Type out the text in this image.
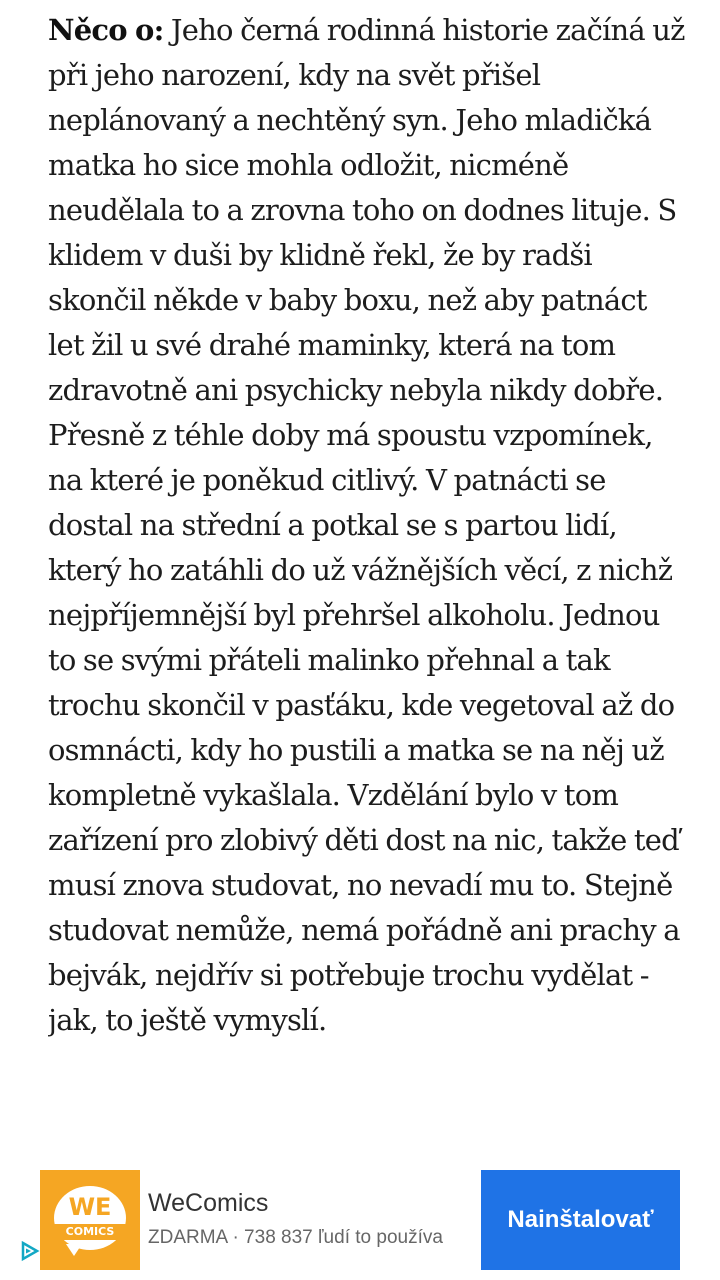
Něco o: Jeho černá rodinná historie začíná už při jeho narození, kdy na svět přišel neplánovaný a nechtěný syn. Jeho mladičká matka ho sice mohla odložit, nicméně neudělala to a zrovna toho on dodnes lituje. S klidem v duši by klidně řekl, že by radši skončil někde v baby boxu, než aby patnáct let žil u své drahé maminky, která na tom zdravotně ani psychicky nebyla nikdy dobře. Přesně z téhle doby má spoustu vzpomínek, na které je poněkud citlivý. V patnácti se dostal na střední a potkal se s partou lidí, který ho zatáhli do už vážnějších věcí, z nichž nejpříjemnější byl přehršel alkoholu. Jednou to se svými přáteli malinko přehnal a tak trochu skončil v pasťáku, kde vegetoval až do osmnácti, kdy ho pustili a matka se na něj už kompletně vykašlala. Vzdělání bylo v tom zařízení pro zlobivý děti dost na nic, takže teď musí znova studovat, no nevadí mu to. Stejně studovat nemůže, nemá pořádně ani prachy a bejvák, nejdřív si potřebuje trochu vydělat - jak, to ještě vymyslí.

WE
COMICS
WeComics
ZDARMA · 738 837 ľudí to používa
Nainštalovať
